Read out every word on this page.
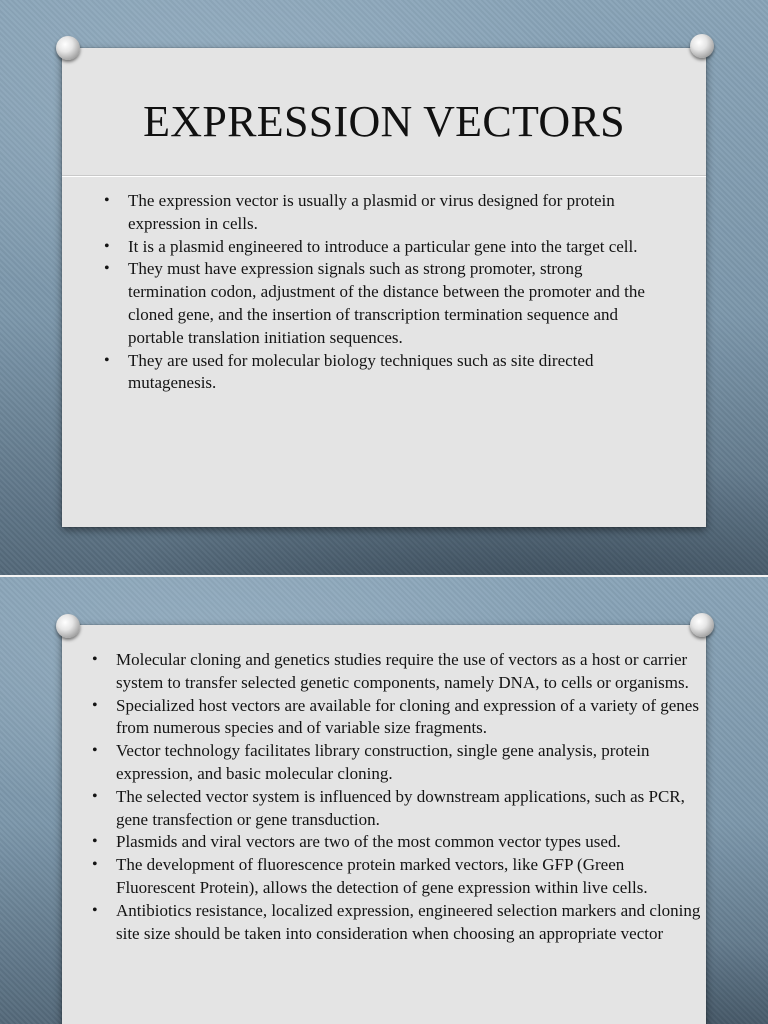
EXPRESSION VECTORS
• The expression vector is usually a plasmid or virus designed for protein expression in cells.
• It is a plasmid engineered to introduce a particular gene into the target cell.
• They must have expression signals such as strong promoter, strong termination codon, adjustment of the distance between the promoter and the cloned gene, and the insertion of transcription termination sequence and portable translation initiation sequences.
• They are used for molecular biology techniques such as site directed mutagenesis.
• Molecular cloning and genetics studies require the use of vectors as a host or carrier system to transfer selected genetic components, namely DNA, to cells or organisms.
• Specialized host vectors are available for cloning and expression of a variety of genes from numerous species and of variable size fragments.
• Vector technology facilitates library construction, single gene analysis, protein expression, and basic molecular cloning.
• The selected vector system is influenced by downstream applications, such as PCR, gene transfection or gene transduction.
• Plasmids and viral vectors are two of the most common vector types used.
• The development of fluorescence protein marked vectors, like GFP (Green Fluorescent Protein), allows the detection of gene expression within live cells.
• Antibiotics resistance, localized expression, engineered selection markers and cloning site size should be taken into consideration when choosing an appropriate vector
